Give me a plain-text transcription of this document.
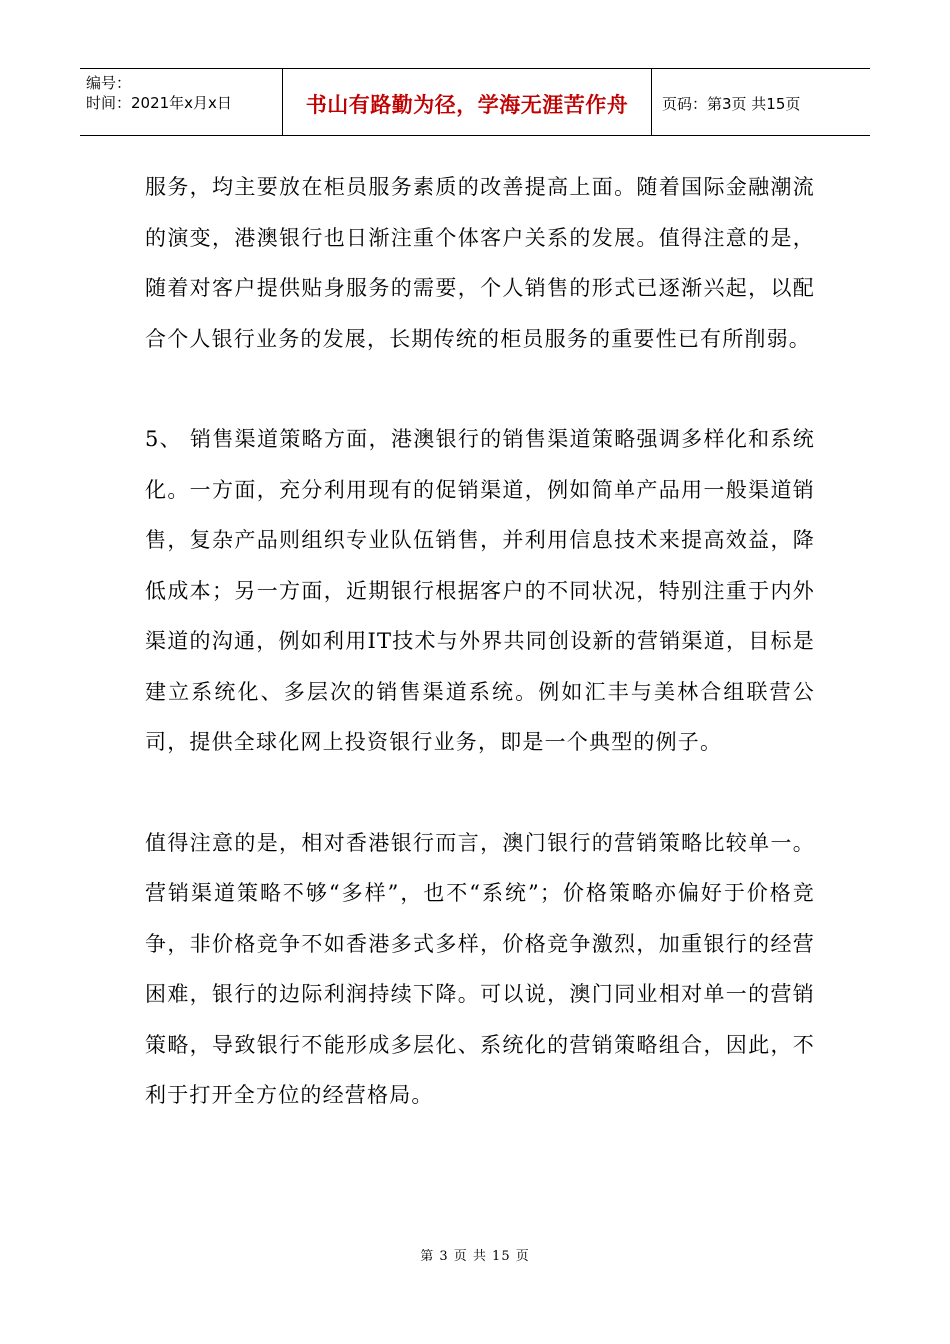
编号：
时间：2021年x月x日	书山有路勤为径，学海无涯苦作舟 页码：第3页 共15页

服务，均主要放在柜员服务素质的改善提高上面。随着国际金融潮流的演变，港澳银行也日渐注重个体客户关系的发展。值得注意的是，随着对客户提供贴身服务的需要，个人销售的形式已逐渐兴起，以配合个人银行业务的发展，长期传统的柜员服务的重要性已有所削弱。

5、 销售渠道策略方面，港澳银行的销售渠道策略强调多样化和系统化。一方面，充分利用现有的促销渠道，例如简单产品用一般渠道销售，复杂产品则组织专业队伍销售，并利用信息技术来提高效益，降低成本；另一方面，近期银行根据客户的不同状况，特别注重于内外渠道的沟通，例如利用IT技术与外界共同创设新的营销渠道，目标是建立系统化、多层次的销售渠道系统。例如汇丰与美林合组联营公司，提供全球化网上投资银行业务，即是一个典型的例子。

值得注意的是，相对香港银行而言，澳门银行的营销策略比较单一。营销渠道策略不够“多样”，也不“系统”；价格策略亦偏好于价格竞争，非价格竞争不如香港多式多样，价格竞争激烈，加重银行的经营困难，银行的边际利润持续下降。可以说，澳门同业相对单一的营销策略，导致银行不能形成多层化、系统化的营销策略组合，因此，不利于打开全方位的经营格局。

第 3 页 共 15 页
